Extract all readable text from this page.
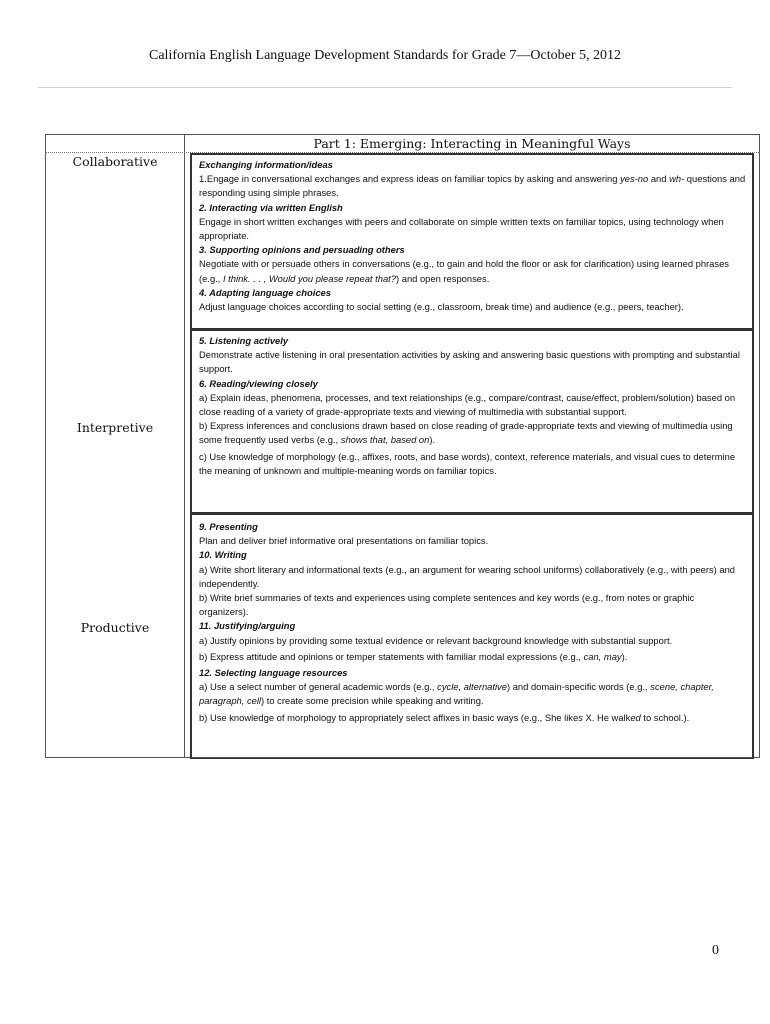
California English Language Development Standards for Grade 7—October 5, 2012
Part 1: Emerging: Interacting in Meaningful Ways
Collaborative
Interpretive
Productive

Exchanging information/ideas

1.Engage in conversational exchanges and express ideas on familiar topics by asking and answering yes-no and wh- questions and responding using simple phrases.

2. Interacting via written English

Engage in short written exchanges with peers and collaborate on simple written texts on familiar topics, using technology when appropriate.

3. Supporting opinions and persuading others

Negotiate with or persuade others in conversations (e.g., to gain and hold the floor or ask for clarification) using learned phrases (e.g., I think. . . , Would you please repeat that?) and open responses.

4. Adapting language choices

Adjust language choices according to social setting (e.g., classroom, break time) and audience (e.g., peers, teacher).

5. Listening actively

Demonstrate active listening in oral presentation activities by asking and answering basic questions with prompting and substantial support.

6. Reading/viewing closely

a) Explain ideas, phenomena, processes, and text relationships (e.g., compare/contrast, cause/effect, problem/solution) based on close reading of a variety of grade-appropriate texts and viewing of multimedia with substantial support.

b) Express inferences and conclusions drawn based on close reading of grade-appropriate texts and viewing of multimedia using some frequently used verbs (e.g., shows that, based on).

c) Use knowledge of morphology (e.g., affixes, roots, and base words), context, reference materials, and visual cues to determine the meaning of unknown and multiple-meaning words on familiar topics.

9. Presenting

Plan and deliver brief informative oral presentations on familiar topics.

10. Writing

a) Write short literary and informational texts (e.g., an argument for wearing school uniforms) collaboratively (e.g., with peers) and independently.

b) Write brief summaries of texts and experiences using complete sentences and key words (e.g., from notes or graphic organizers).

11. Justifying/arguing

a) Justify opinions by providing some textual evidence or relevant background knowledge with substantial support.

b) Express attitude and opinions or temper statements with familiar modal expressions (e.g., can, may).

12. Selecting language resources

a) Use a select number of general academic words (e.g., cycle, alternative) and domain-specific words (e.g., scene, chapter, paragraph, cell) to create some precision while speaking and writing.

b) Use knowledge of morphology to appropriately select affixes in basic ways (e.g., She likes X. He walked to school.).

0
